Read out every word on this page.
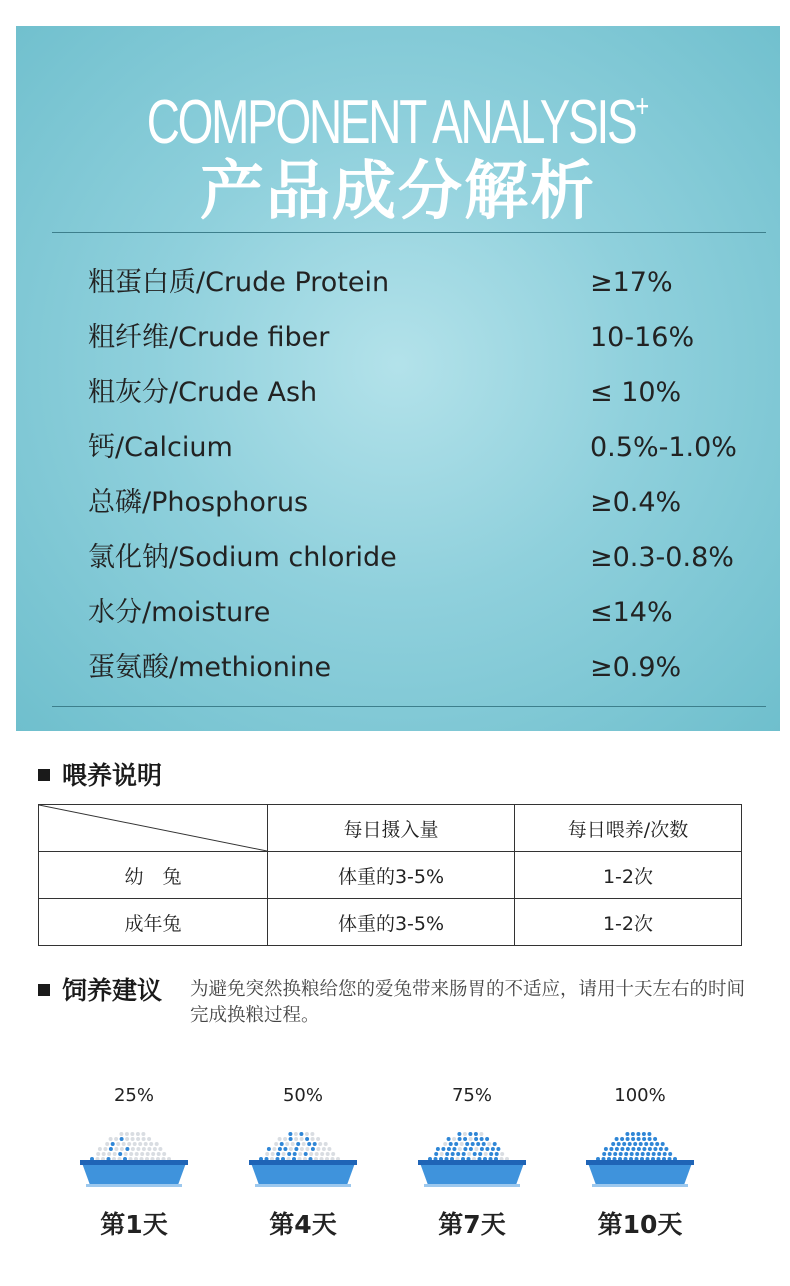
COMPONENT ANALYSIS+
产品成分解析
粗蛋白质/Crude Protein	≥17%
粗纤维/Crude fiber	10-16%
粗灰分/Crude Ash	≤ 10%
钙/Calcium	0.5%-1.0%
总磷/Phosphorus	≥0.4%
氯化钠/Sodium chloride	≥0.3-0.8%
水分/moisture	≤14%
蛋氨酸/methionine	≥0.9%
喂养说明
	每日摄入量	每日喂养/次数
幼　兔	体重的3-5%	1-2次
成年兔	体重的3-5%	1-2次
饲养建议 为避免突然换粮给您的爱兔带来肠胃的不适应，请用十天左右的时间完成换粮过程。
25%
第1天
50%
第4天
75%
第7天
100%
第10天
